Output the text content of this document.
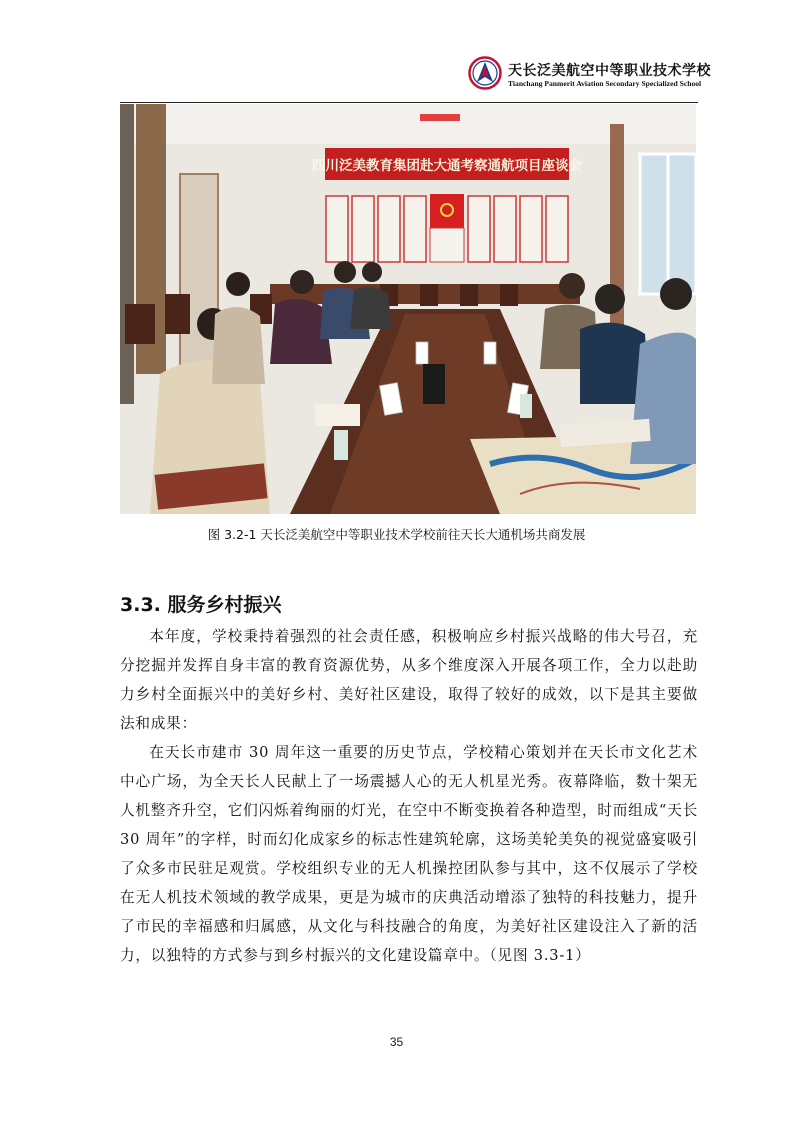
天长泛美航空中等职业技术学校
Tianchang Panmerit Aviation Secondary Specialized School
四川泛美教育集团赴大通考察通航项目座谈会
图 3.2-1 天长泛美航空中等职业技术学校前往天长大通机场共商发展
3.3. 服务乡村振兴

本年度，学校秉持着强烈的社会责任感，积极响应乡村振兴战略的伟大号召，充分挖掘并发挥自身丰富的教育资源优势，从多个维度深入开展各项工作，全力以赴助力乡村全面振兴中的美好乡村、美好社区建设，取得了较好的成效，以下是其主要做法和成果：

在天长市建市 30 周年这一重要的历史节点，学校精心策划并在天长市文化艺术中心广场，为全天长人民献上了一场震撼人心的无人机星光秀。夜幕降临，数十架无人机整齐升空，它们闪烁着绚丽的灯光，在空中不断变换着各种造型，时而组成“天长 30 周年”的字样，时而幻化成家乡的标志性建筑轮廓，这场美轮美奂的视觉盛宴吸引了众多市民驻足观赏。学校组织专业的无人机操控团队参与其中，这不仅展示了学校在无人机技术领域的教学成果，更是为城市的庆典活动增添了独特的科技魅力，提升了市民的幸福感和归属感，从文化与科技融合的角度，为美好社区建设注入了新的活力，以独特的方式参与到乡村振兴的文化建设篇章中。（见图 3.3-1）

35
